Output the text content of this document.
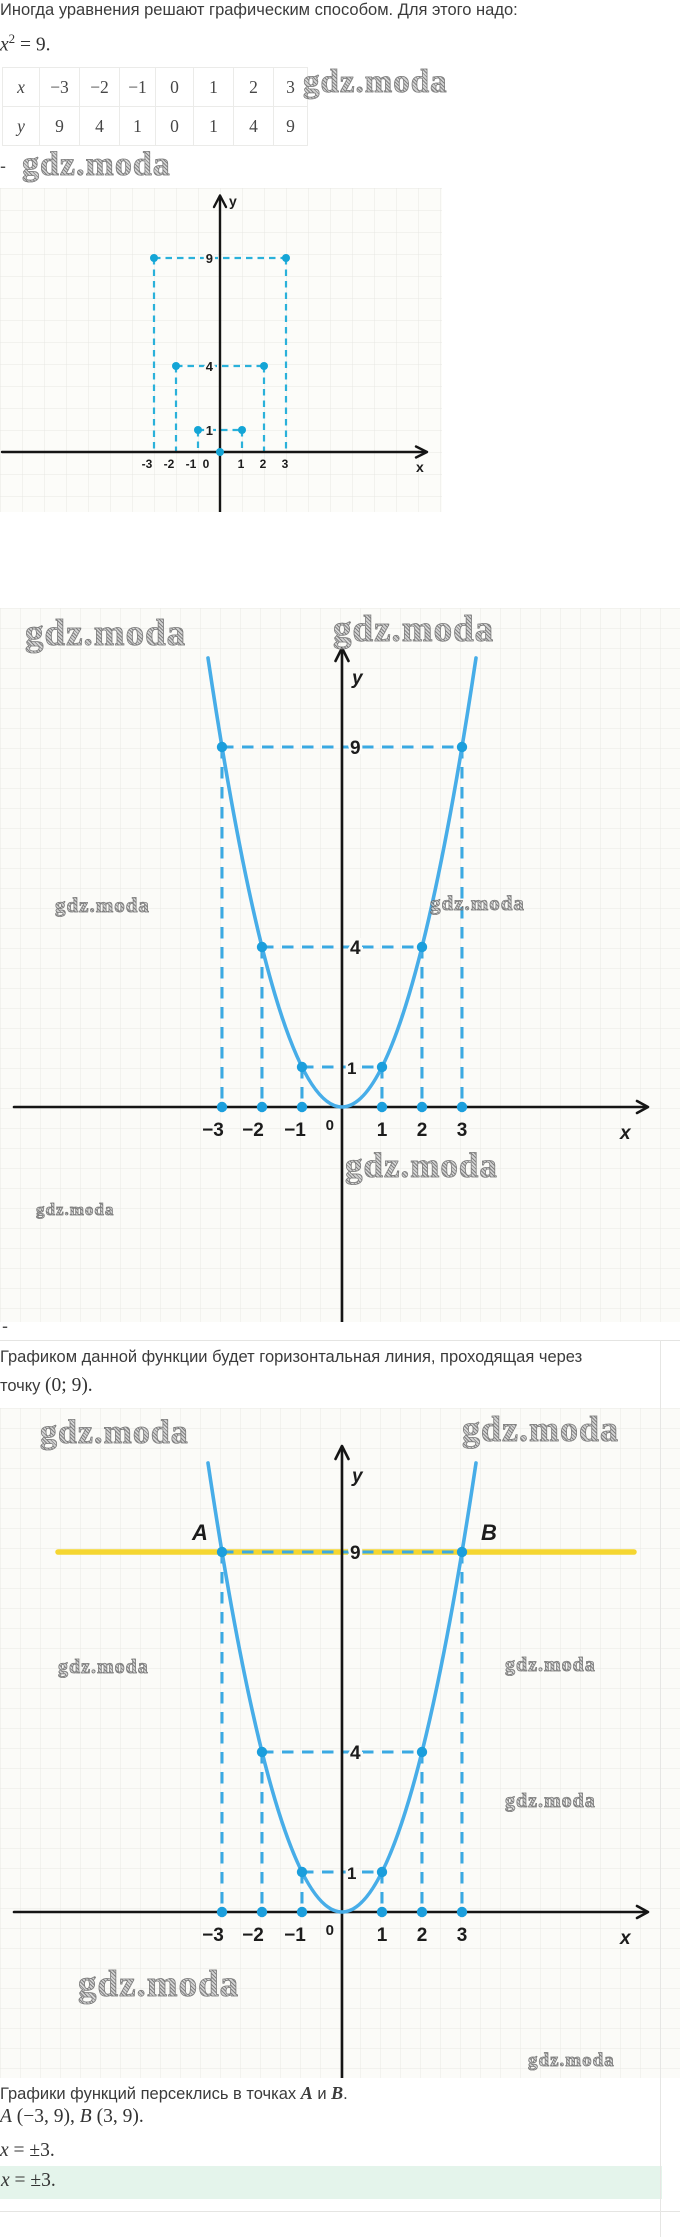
Иногда уравнения решают графическим способом. Для этого надо:
$x^2 = 9$.
x	−3	−2	−1	0	1	2	3
y	9	4	1	0	1	4	9
gdz.moda
- gdz.moda
9
4
1
-3 -2 -1 0 1 2 3
y
x
9
4
1
0
−3 −2 −1	1 2 3
y
x
gdz.moda	gdz.moda
gdz.moda	gdz.moda
gdz.moda
gdz.moda
-
Графиком данной функции будет горизонтальная линия, проходящая через
точку (0; 9).
A	B
9
4
1
0
−3 −2 −1	1 2 3
y
x
gdz.moda	gdz.moda
gdz.moda	gdz.moda
gdz.moda
gdz.moda
gdz.moda
Графики функций персеклись в точках A и B.
A (−3, 9), B (3, 9).
x = ±3.
x = ±3.
